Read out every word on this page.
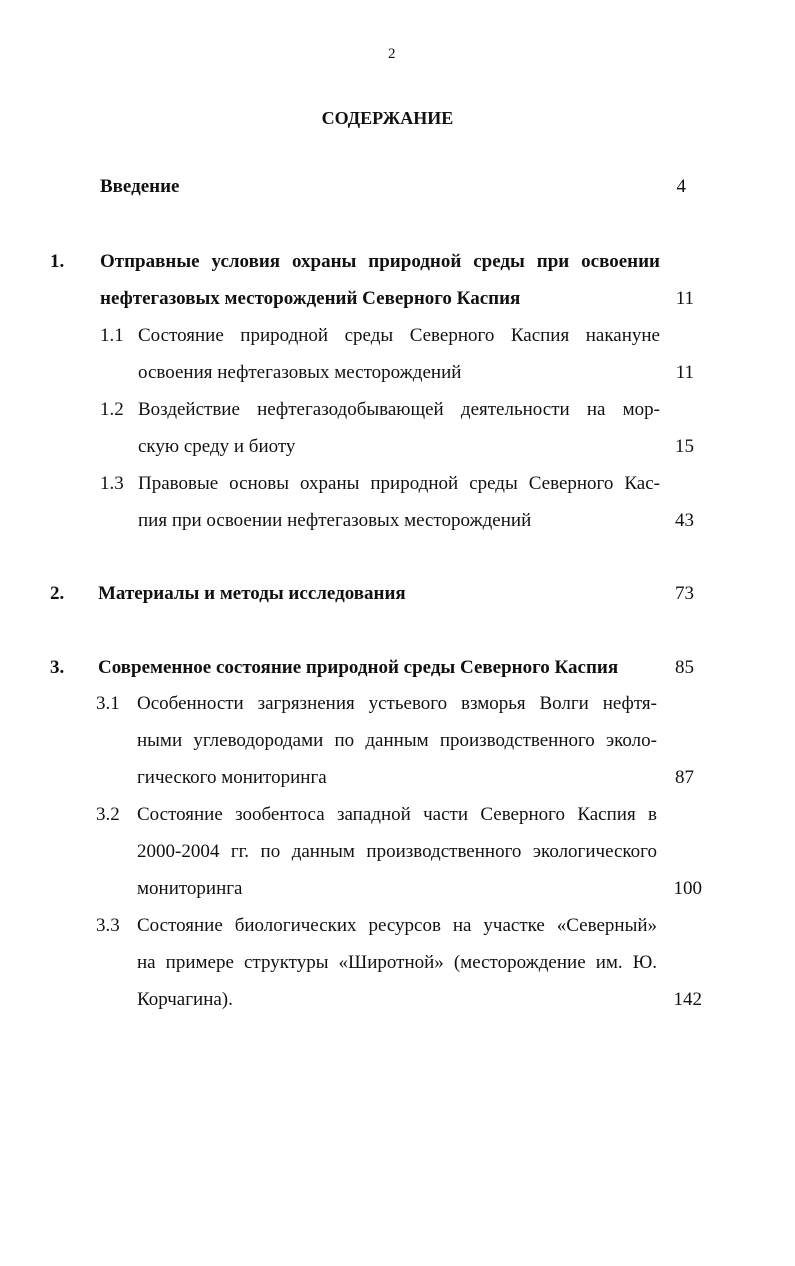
2
СОДЕРЖАНИЕ
Введение	4
1. Отправные условия охраны природной среды при освоении
нефтегазовых месторождений Северного Каспия	11
1.1 Состояние природной среды Северного Каспия накануне
освоения нефтегазовых месторождений	11
1.2 Воздействие нефтегазодобывающей деятельности на мор-
скую среду и биоту	15
1.3 Правовые основы охраны природной среды Северного Кас-
пия при освоении нефтегазовых месторождений	43
2. Материалы и методы исследования	73
3. Современное состояние природной среды Северного Каспия	85
3.1 Особенности загрязнения устьевого взморья Волги нефтя-
ными углеводородами по данным производственного эколо-
гического мониторинга	87
3.2 Состояние зообентоса западной части Северного Каспия в
2000-2004 гг. по данным производственного экологического
мониторинга	100
3.3 Состояние биологических ресурсов на участке «Северный»
на примере структуры «Широтной» (месторождение им. Ю.
Корчагина).	142
